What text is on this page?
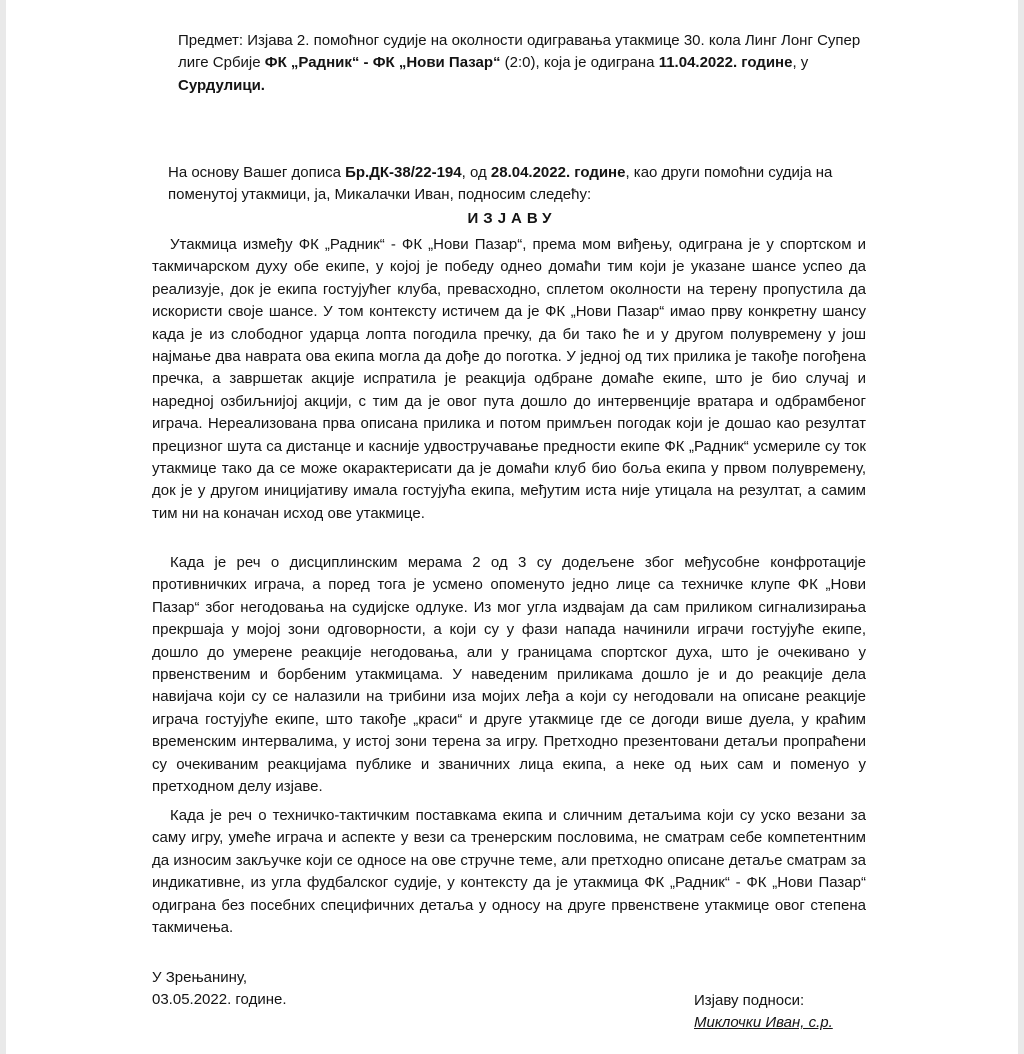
Предмет: Изјава 2. помоћног судије на околности одигравања утакмице 30. кола Линг Лонг Супер лиге Србије ФК „Радник“ - ФК „Нови Пазар“ (2:0), која је одиграна 11.04.2022. године, у Сурдулици.
На основу Вашег дописа Бр.ДК-38/22-194, од 28.04.2022. године, као други помоћни судија на поменутој утакмици, ја, Микалачки Иван, подносим следећу:
ИЗЈАВУ
Утакмица између ФК „Радник“ - ФК „Нови Пазар“, према мом виђењу, одиграна је у спортском и такмичарском духу обе екипе, у којој је победу однео домаћи тим који је указане шансе успео да реализује, док је екипа гостујућег клуба, превасходно, сплетом околности на терену пропустила да искористи своје шансе. У том контексту истичем да је ФК „Нови Пазар“ имао прву конкретну шансу када је из слободног ударца лопта погодила пречку, да би тако ће и у другом полувремену у још најмање два наврата ова екипа могла да дође до поготка. У једној од тих прилика је такође погођена пречка, а завршетак акције испратила је реакција одбране домаће екипе, што је био случај и наредној озбиљнијој акцији, с тим да је овог пута дошло до интервенције вратара и одбрамбеног играча. Нереализована прва описана прилика и потом примљен погодак који је дошао као резултат прецизног шута са дистанце и касније удвостручавање предности екипе ФК „Радник“ усмериле су ток утакмице тако да се може окарактерисати да је домаћи клуб био боља екипа у првом полувремену, док је у другом иницијативу имала гостујућа екипа, међутим иста није утицала на резултат, а самим тим ни на коначан исход ове утакмице.
Када је реч о дисциплинским мерама 2 од 3 су додељене због међусобне конфротације противничких играча, а поред тога је усмено опоменуто једно лице са техничке клупе ФК „Нови Пазар“ због негодовања на судијске одлуке. Из мог угла издвајам да сам приликом сигнализирања прекршаја у мојој зони одговорности, а који су у фази напада начинили играчи гостујуће екипе, дошло до умерене реакције негодовања, али у границама спортског духа, што је очекивано у првенственим и борбеним утакмицама. У наведеним приликама дошло је и до реакције дела навијача који су се налазили на трибини иза мојих леђа а који су негодовали на описане реакције играча гостујуће екипе, што такође „краси“ и друге утакмице где се догоди више дуела, у краћим временским интервалима, у истој зони терена за игру. Претходно презентовани детаљи пропраћени су очекиваним реакцијама публике и званичних лица екипа, а неке од њих сам и поменуо у претходном делу изјаве.
Када је реч о техничко-тактичким поставкама екипа и сличним детаљима који су уско везани за саму игру, умеће играча и аспекте у вези са тренерским пословима, не сматрам себе компетентним да износим закључке који се односе на ове стручне теме, али претходно описане детаље сматрам за индикативне, из угла фудбалског судије, у контексту да је утакмица ФК „Радник“ - ФК „Нови Пазар“ одиграна без посебних специфичних детаља у односу на друге првенствене утакмице овог степена такмичења.
У Зрењанину,
03.05.2022. године.	Изјаву подноси:
Миклочки Иван, с.р.
